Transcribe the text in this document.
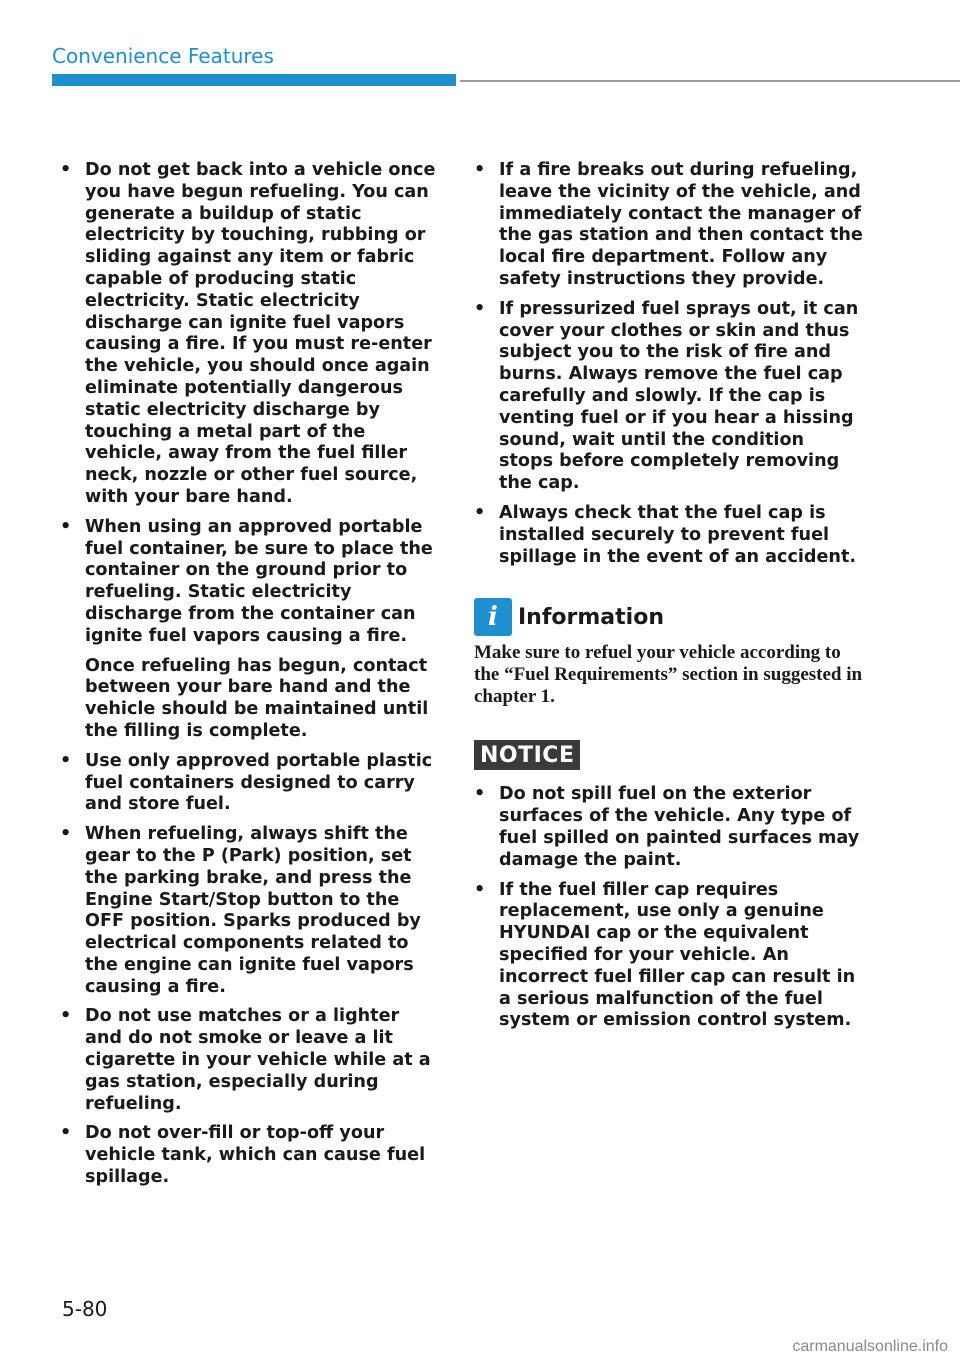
Convenience Features
• Do not get back into a vehicle once you have begun refueling. You can generate a buildup of static electricity by touching, rubbing or sliding against any item or fabric capable of producing static electricity. Static electricity discharge can ignite fuel vapors causing a fire. If you must re-enter the vehicle, you should once again eliminate potentially dangerous static electricity discharge by touching a metal part of the vehicle, away from the fuel filler neck, nozzle or other fuel source, with your bare hand.

• When using an approved portable fuel container, be sure to place the container on the ground prior to refueling. Static electricity discharge from the container can ignite fuel vapors causing a fire.

Once refueling has begun, contact between your bare hand and the vehicle should be maintained until the filling is complete.

• Use only approved portable plastic fuel containers designed to carry and store fuel.

• When refueling, always shift the gear to the P (Park) position, set the parking brake, and press the Engine Start/Stop button to the OFF position. Sparks produced by electrical components related to the engine can ignite fuel vapors causing a fire.

• Do not use matches or a lighter and do not smoke or leave a lit cigarette in your vehicle while at a gas station, especially during refueling.

• Do not over-fill or top-off your vehicle tank, which can cause fuel spillage.

• If a fire breaks out during refueling, leave the vicinity of the vehicle, and immediately contact the manager of the gas station and then contact the local fire department. Follow any safety instructions they provide.

• If pressurized fuel sprays out, it can cover your clothes or skin and thus subject you to the risk of fire and burns. Always remove the fuel cap carefully and slowly. If the cap is venting fuel or if you hear a hissing sound, wait until the condition stops before completely removing the cap.

• Always check that the fuel cap is installed securely to prevent fuel spillage in the event of an accident.

i Information

Make sure to refuel your vehicle according to the “Fuel Requirements” section in suggested in chapter 1.

NOTICE
• Do not spill fuel on the exterior surfaces of the vehicle. Any type of fuel spilled on painted surfaces may damage the paint.

• If the fuel filler cap requires replacement, use only a genuine HYUNDAI cap or the equivalent specified for your vehicle. An incorrect fuel filler cap can result in a serious malfunction of the fuel system or emission control system.

5-80
carmanualsonline.info
